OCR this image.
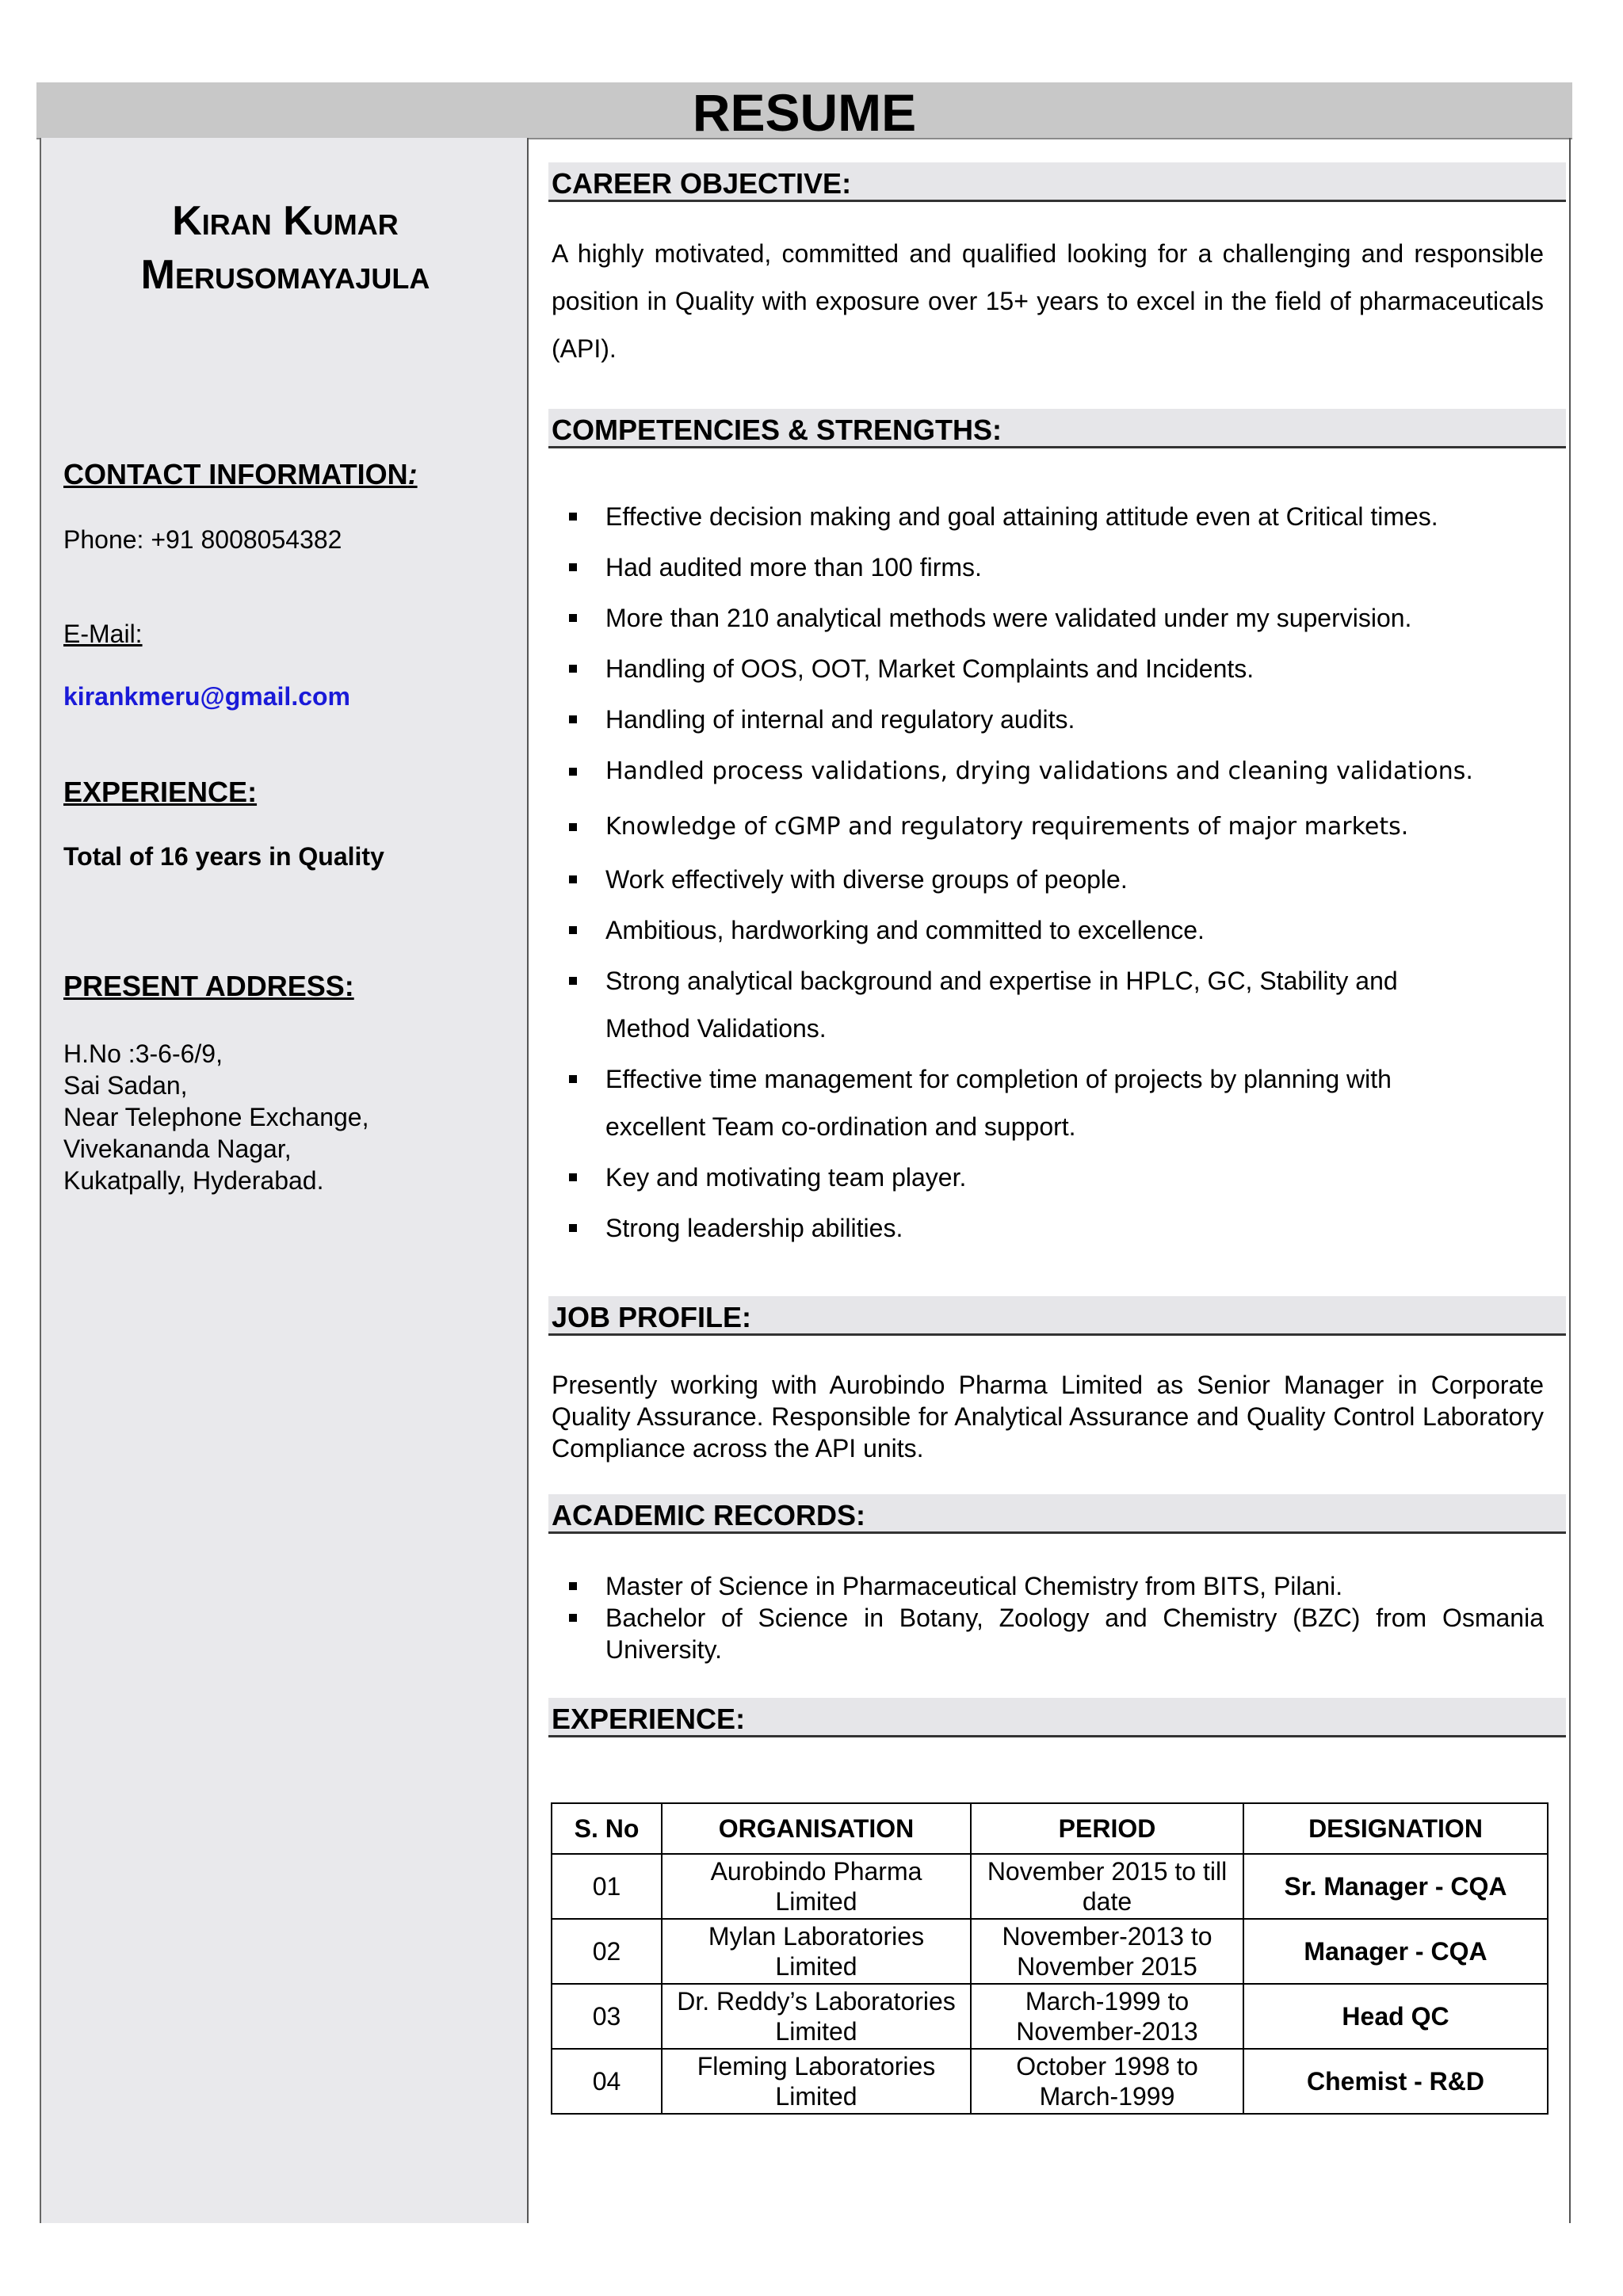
RESUME
Kiran Kumar
Merusomayajula
CONTACT INFORMATION:
Phone: +91 8008054382
E-Mail:
kirankmeru@gmail.com
EXPERIENCE:
Total of 16 years in Quality
PRESENT ADDRESS:
H.No :3-6-6/9,
Sai Sadan,
Near Telephone Exchange,
Vivekananda Nagar,
Kukatpally, Hyderabad.
CAREER OBJECTIVE:
A highly motivated, committed and qualified looking for a challenging and responsible position in Quality with exposure over 15+ years to excel in the field of pharmaceuticals (API).
COMPETENCIES & STRENGTHS:
Effective decision making and goal attaining attitude even at Critical times.
Had audited more than 100 firms.
More than 210 analytical methods were validated under my supervision.
Handling of OOS, OOT, Market Complaints and Incidents.
Handling of internal and regulatory audits.
Handled process validations, drying validations and cleaning validations.
Knowledge of cGMP and regulatory requirements of major markets.
Work effectively with diverse groups of people.
Ambitious, hardworking and committed to excellence.
Strong analytical background and expertise in HPLC, GC, Stability and Method Validations.
Effective time management for completion of projects by planning with excellent Team co-ordination and support.
Key and motivating team player.
Strong leadership abilities.
JOB PROFILE:
Presently working with Aurobindo Pharma Limited as Senior Manager in Corporate Quality Assurance. Responsible for Analytical Assurance and Quality Control Laboratory Compliance across the API units.
ACADEMIC RECORDS:
Master of Science in Pharmaceutical Chemistry from BITS, Pilani.
Bachelor of Science in Botany, Zoology and Chemistry (BZC) from Osmania University.
EXPERIENCE:
S. No	ORGANISATION	PERIOD	DESIGNATION
01	Aurobindo Pharma Limited	November 2015 to till date	Sr. Manager - CQA
02	Mylan Laboratories Limited	November-2013 to November 2015	Manager - CQA
03	Dr. Reddy’s Laboratories Limited	March-1999 to November-2013	Head QC
04	Fleming Laboratories Limited	October 1998 to March-1999	Chemist - R&D
